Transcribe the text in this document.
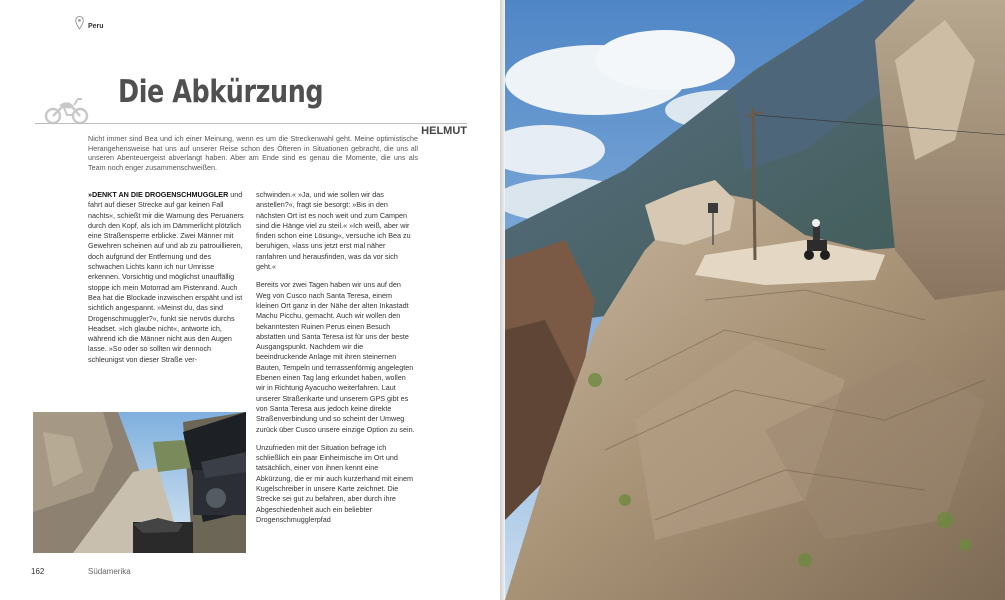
Peru
Die Abkürzung
HELMUT
Nicht immer sind Bea und ich einer Meinung, wenn es um die Streckenwahl geht. Meine optimistische Herangehensweise hat uns auf unserer Reise schon des Öfteren in Situationen gebracht, die uns all unseren Abenteuergeist abverlangt haben. Aber am Ende sind es genau die Momente, die uns als Team noch enger zusammenschweißen.

»DENKT AN DIE DROGENSCHMUGGLER und fahrt auf dieser Strecke auf gar keinen Fall nachts«, schießt mir die Warnung des Peruaners durch den Kopf, als ich im Dämmerlicht plötzlich eine Straßensperre erblicke. Zwei Männer mit Gewehren scheinen auf und ab zu patrouillieren, doch aufgrund der Entfernung und des schwachen Lichts kann ich nur Umrisse erkennen. Vorsichtig und möglichst unauffällig stoppe ich mein Motorrad am Pistenrand. Auch Bea hat die Blockade inzwischen erspäht und ist sichtlich angespannt. »Meinst du, das sind Drogenschmuggler?«, funkt sie nervös durchs Headset. »Ich glaube nicht«, antworte ich, während ich die Männer nicht aus den Augen lasse. »So oder so sollten wir dennoch schleunigst von dieser Straße ver-

schwinden.« »Ja, und wie sollen wir das anstellen?«, fragt sie besorgt: »Bis in den nächsten Ort ist es noch weit und zum Campen sind die Hänge viel zu steil.« »Ich weiß, aber wir finden schon eine Lösung«, versuche ich Bea zu beruhigen, »lass uns jetzt erst mal näher ranfahren und herausfinden, was da vor sich geht.«

Bereits vor zwei Tagen haben wir uns auf den Weg von Cusco nach Santa Teresa, einem kleinen Ort ganz in der Nähe der alten Inkastadt Machu Picchu, gemacht. Auch wir wollen den bekanntesten Ruinen Perus einen Besuch abstatten und Santa Teresa ist für uns der beste Ausgangspunkt. Nachdem wir die beeindruckende Anlage mit ihren steinernen Bauten, Tempeln und terrassenförmig angelegten Ebenen einen Tag lang erkundet haben, wollen wir in Richtung Ayacucho weiterfahren. Laut unserer Straßenkarte und unserem GPS gibt es von Santa Teresa aus jedoch keine direkte Straßenverbindung und so scheint der Umweg zurück über Cusco unsere einzige Option zu sein.

Unzufrieden mit der Situation befrage ich schließlich ein paar Einheimische im Ort und tatsächlich, einer von ihnen kennt eine Abkürzung, die er mir auch kurzerhand mit einem Kugelschreiber in unsere Karte zeichnet. Die Strecke sei gut zu befahren, aber durch ihre Abgeschiedenheit auch ein beliebter Drogenschmugglerpfad

162	Südamerika
